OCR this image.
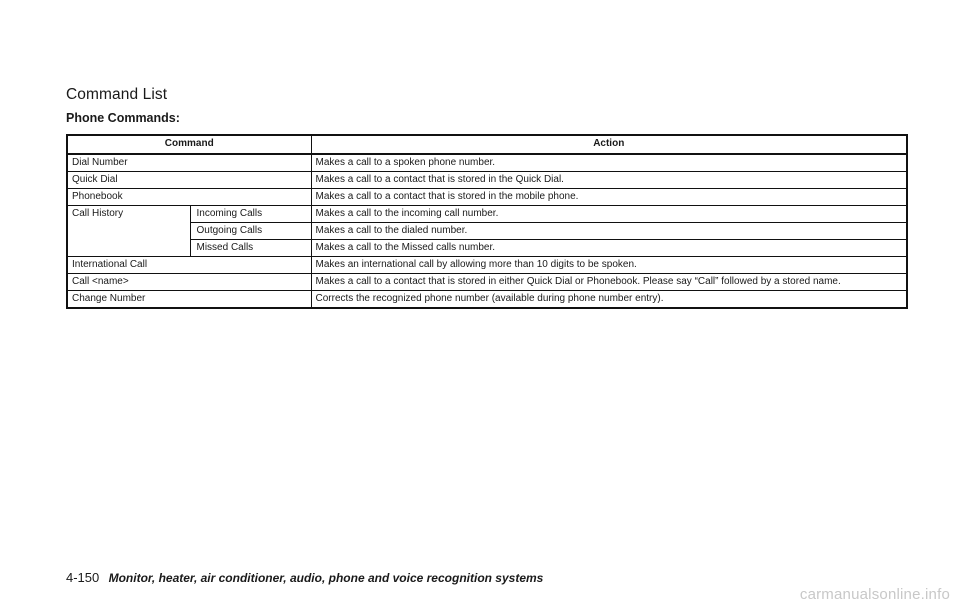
Command List
Phone Commands:
Command		Action
Dial Number		Makes a call to a spoken phone number.
Quick Dial		Makes a call to a contact that is stored in the Quick Dial.
Phonebook		Makes a call to a contact that is stored in the mobile phone.
Call History	Incoming Calls	Makes a call to the incoming call number.
	Outgoing Calls	Makes a call to the dialed number.
	Missed Calls	Makes a call to the Missed calls number.
International Call		Makes an international call by allowing more than 10 digits to be spoken.
Call <name>		Makes a call to a contact that is stored in either Quick Dial or Phonebook. Please say “Call” followed by a stored name.
Change Number		Corrects the recognized phone number (available during phone number entry).
4-150 Monitor, heater, air conditioner, audio, phone and voice recognition systems
carmanualsonline.info
